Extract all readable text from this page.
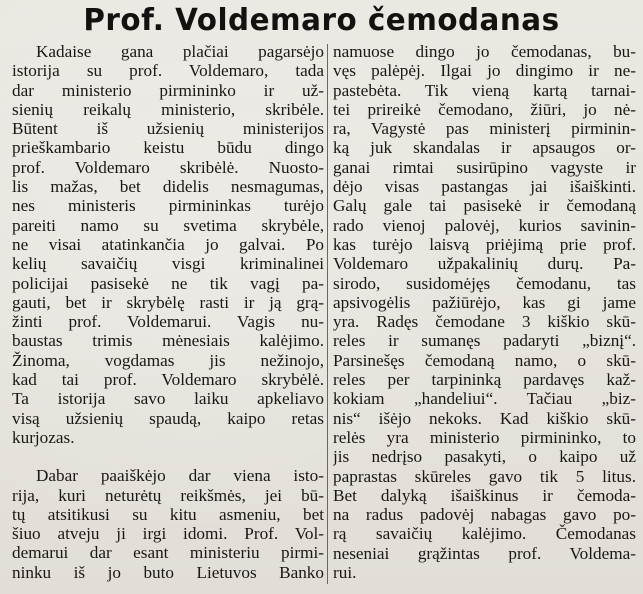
Prof. Voldemaro čemodanas
Kadaise gana plačiai pagarsėjo
istorija su prof. Voldemaro, tada
dar ministerio pirmininko ir už-
sienių reikalų ministerio, skribėle.
Būtent iš užsienių ministerijos
prieškambario keistu būdu dingo
prof. Voldemaro skribėlė. Nuosto-
lis mažas, bet didelis nesmagumas,
nes ministeris pirmininkas turėjo
pareiti namo su svetima skrybėle,
ne visai atatinkančia jo galvai. Po
kelių savaičių visgi kriminalinei
policijai pasisekė ne tik vagį pa-
gauti, bet ir skrybėlę rasti ir ją grą-
žinti prof. Voldemarui. Vagis nu-
baustas trimis mėnesiais kalėjimo.
Žinoma, vogdamas jis nežinojo,
kad tai prof. Voldemaro skrybėlė.
Ta istorija savo laiku apkeliavo
visą užsienių spaudą, kaipo retas
kurjozas.
Dabar paaiškėjo dar viena isto-
rija, kuri neturėtų reikšmės, jei bū-
tų atsitikusi su kitu asmeniu, bet
šiuo atveju ji irgi idomi. Prof. Vol-
demarui dar esant ministeriu pirmi-
ninku iš jo buto Lietuvos Banko
namuose dingo jo čemodanas, bu-
vęs palėpėj. Ilgai jo dingimo ir ne-
pastebėta. Tik vieną kartą tarnai-
tei prireikė čemodano, žiūri, jo nė-
ra, Vagystė pas ministerį pirminin-
ką juk skandalas ir apsaugos or-
ganai rimtai susirūpino vagyste ir
dėjo visas pastangas jai išaiškinti.
Galų gale tai pasisekė ir čemodaną
rado vienoj palovėj, kurios savinin-
kas turėjo laisvą priėjimą prie prof.
Voldemaro užpakalinių durų. Pa-
sirodo, susidomėjęs čemodanu, tas
apsivogėlis pažiūrėjo, kas gi jame
yra. Radęs čemodane 3 kiškio skū-
reles ir sumanęs padaryti „biznį“.
Parsinešęs čemodaną namo, o skū-
reles per tarpininką pardavęs kaž-
kokiam „handeliui“. Tačiau „biz-
nis“ išėjo nekoks. Kad kiškio skū-
relės yra ministerio pirmininko, to
jis nedrįso pasakyti, o kaipo už
paprastas skūreles gavo tik 5 litus.
Bet dalyką išaiškinus ir čemoda-
na radus padovėj nabagas gavo po-
rą savaičių kalėjimo. Čemodanas
neseniai grąžintas prof. Voldema-
rui.
